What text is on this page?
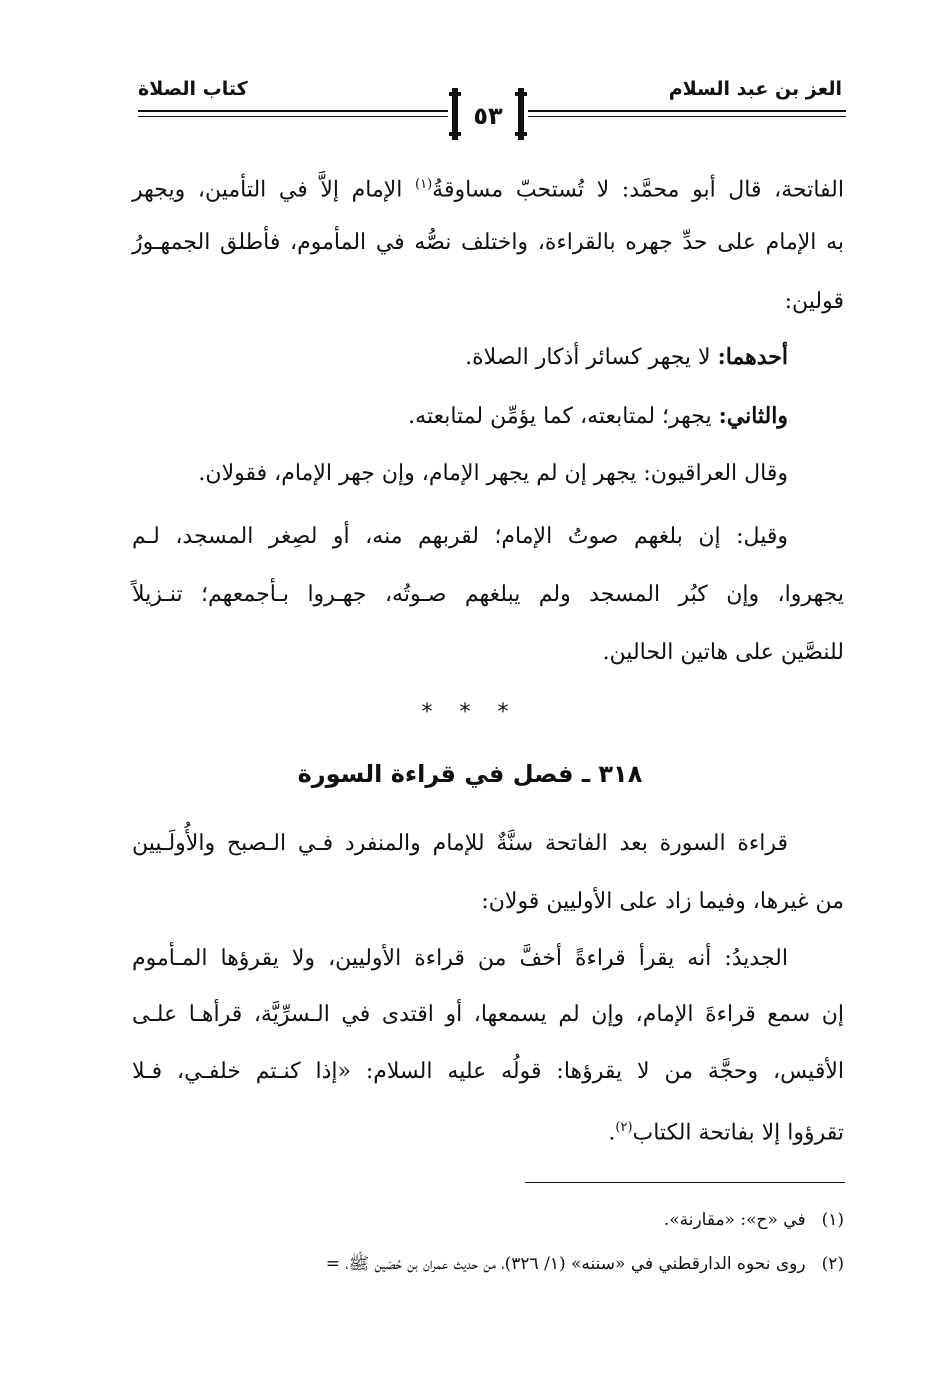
العز بن عبد السلام
كتاب الصلاة
٥٣
الفاتحة، قال أبو محمَّد: لا تُستحبّ مساوقةُ$^{(١)}$ الإمام إلاَّ في التأمين، ويجهر
به الإمام على حدِّ جهره بالقراءة، واختلف نصُّه في المأموم، فأطلق الجمهـورُ
قولين:
أحدهما: لا يجهر كسائر أذكار الصلاة.
والثاني: يجهر؛ لمتابعته، كما يؤمِّن لمتابعته.
وقال العراقيون: يجهر إن لم يجهر الإمام، وإن جهر الإمام، فقولان.
وقيل: إن بلغهم صوتُ الإمام؛ لقربهم منه، أو لصِغر المسجد، لـم
يجهروا، وإن كبُر المسجد ولم يبلغهم صـوتُه، جهـروا بـأجمعهم؛ تنـزيلاً
للنصَّين على هاتين الحالين.
* * *
٣١٨ ـ فصل في قراءة السورة
قراءة السورة بعد الفاتحة سنَّةٌ للإمام والمنفرد فـي الـصبح والأُولَـيين
من غيرها، وفيما زاد على الأوليين قولان:
الجديدُ: أنه يقرأ قراءةً أخفَّ من قراءة الأوليين، ولا يقرؤها المـأموم
إن سمع قراءةَ الإمام، وإن لم يسمعها، أو اقتدى في الـسرِّيَّة، قرأهـا علـى
الأقيس، وحجَّة من لا يقرؤها: قولُه عليه السلام: «إذا كنـتم خلفـي، فـلا
تقرؤوا إلا بفاتحة الكتاب$^{(٢)}$.
(١)في «ح»: «مقارنة».
(٢)روى نحوه الدارقطني في «سننه» (١/ ٣٢٦)، من حديث عمران بن حُصَين ﷺ، =
